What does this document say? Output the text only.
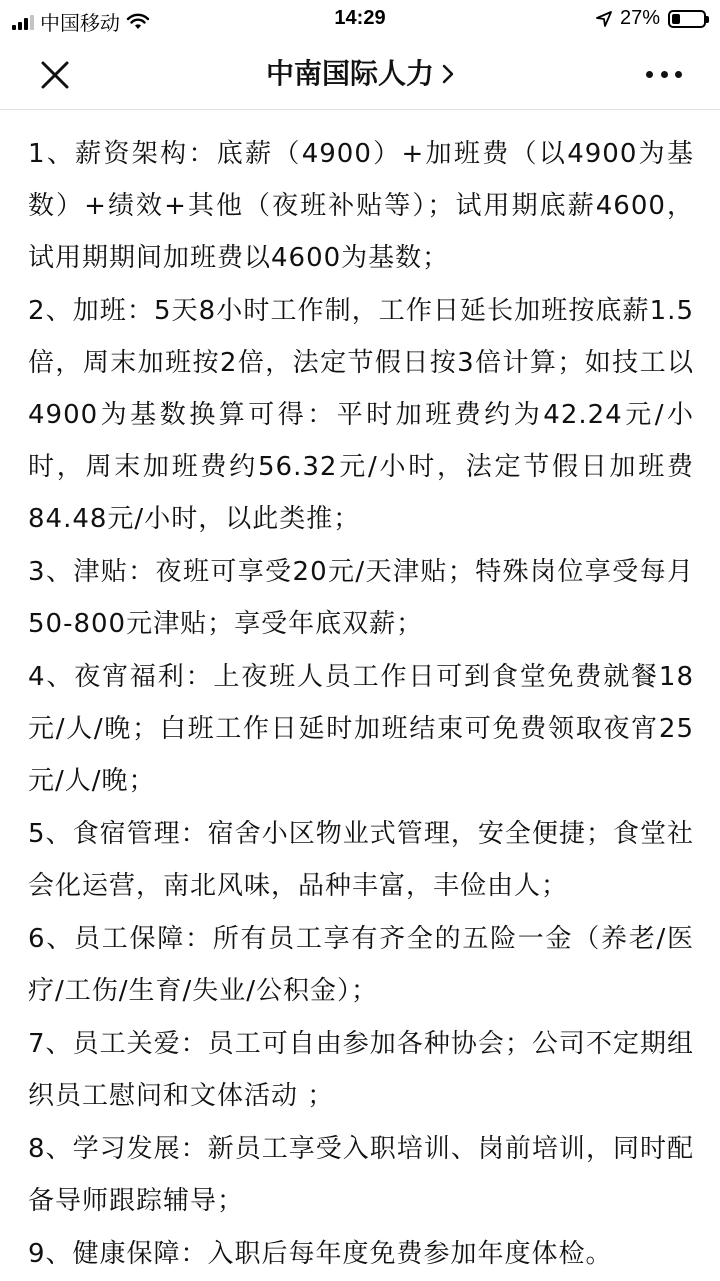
中国移动	14:29	27%
中南国际人力

1、薪资架构：底薪（4900）+加班费（以4900为基数）+绩效+其他（夜班补贴等）；试用期底薪4600，试用期期间加班费以4600为基数；

2、加班：5天8小时工作制，工作日延长加班按底薪1.5倍，周末加班按2倍，法定节假日按3倍计算；如技工以4900为基数换算可得：平时加班费约为42.24元/小时，周末加班费约56.32元/小时，法定节假日加班费84.48元/小时，以此类推；

3、津贴：夜班可享受20元/天津贴；特殊岗位享受每月50-800元津贴；享受年底双薪；

4、夜宵福利：上夜班人员工作日可到食堂免费就餐18元/人/晚；白班工作日延时加班结束可免费领取夜宵25元/人/晚；

5、食宿管理：宿舍小区物业式管理，安全便捷；食堂社会化运营，南北风味，品种丰富，丰俭由人；

6、员工保障：所有员工享有齐全的五险一金（养老/医疗/工伤/生育/失业/公积金）；

7、员工关爱：员工可自由参加各种协会；公司不定期组织员工慰问和文体活动 ；

8、学习发展：新员工享受入职培训、岗前培训，同时配备导师跟踪辅导；

9、健康保障：入职后每年度免费参加年度体检。
